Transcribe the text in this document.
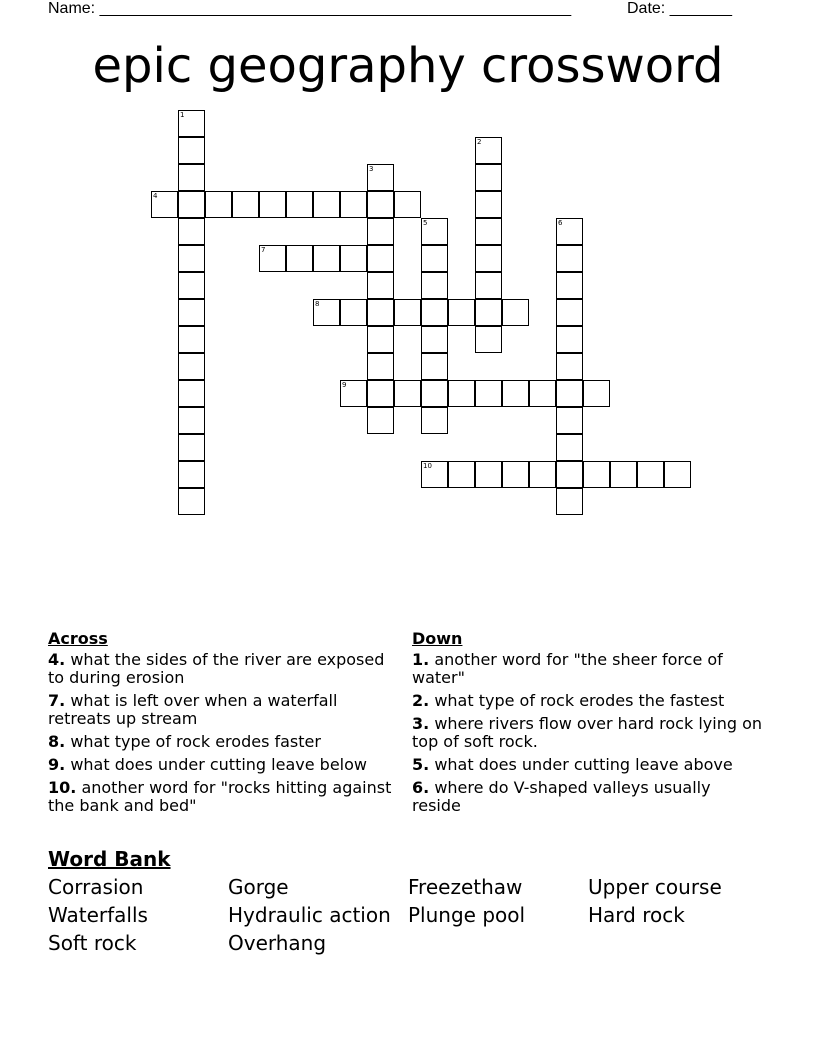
Name: _____________________________________________________	Date: _______
epic geography crossword
1
2
3
4
5	6
7
8
9
10
Across
4. what the sides of the river are exposed to during erosion
7. what is left over when a waterfall retreats up stream
8. what type of rock erodes faster
9. what does under cutting leave below
10. another word for "rocks hitting against the bank and bed"
Down
1. another word for "the sheer force of water"
2. what type of rock erodes the fastest
3. where rivers flow over hard rock lying on top of soft rock.
5. what does under cutting leave above
6. where do V-shaped valleys usually reside
Word Bank
Corrasion	Gorge	Freezethaw	Upper course
Waterfalls	Hydraulic action Plunge pool	Hard rock
Soft rock	Overhang
